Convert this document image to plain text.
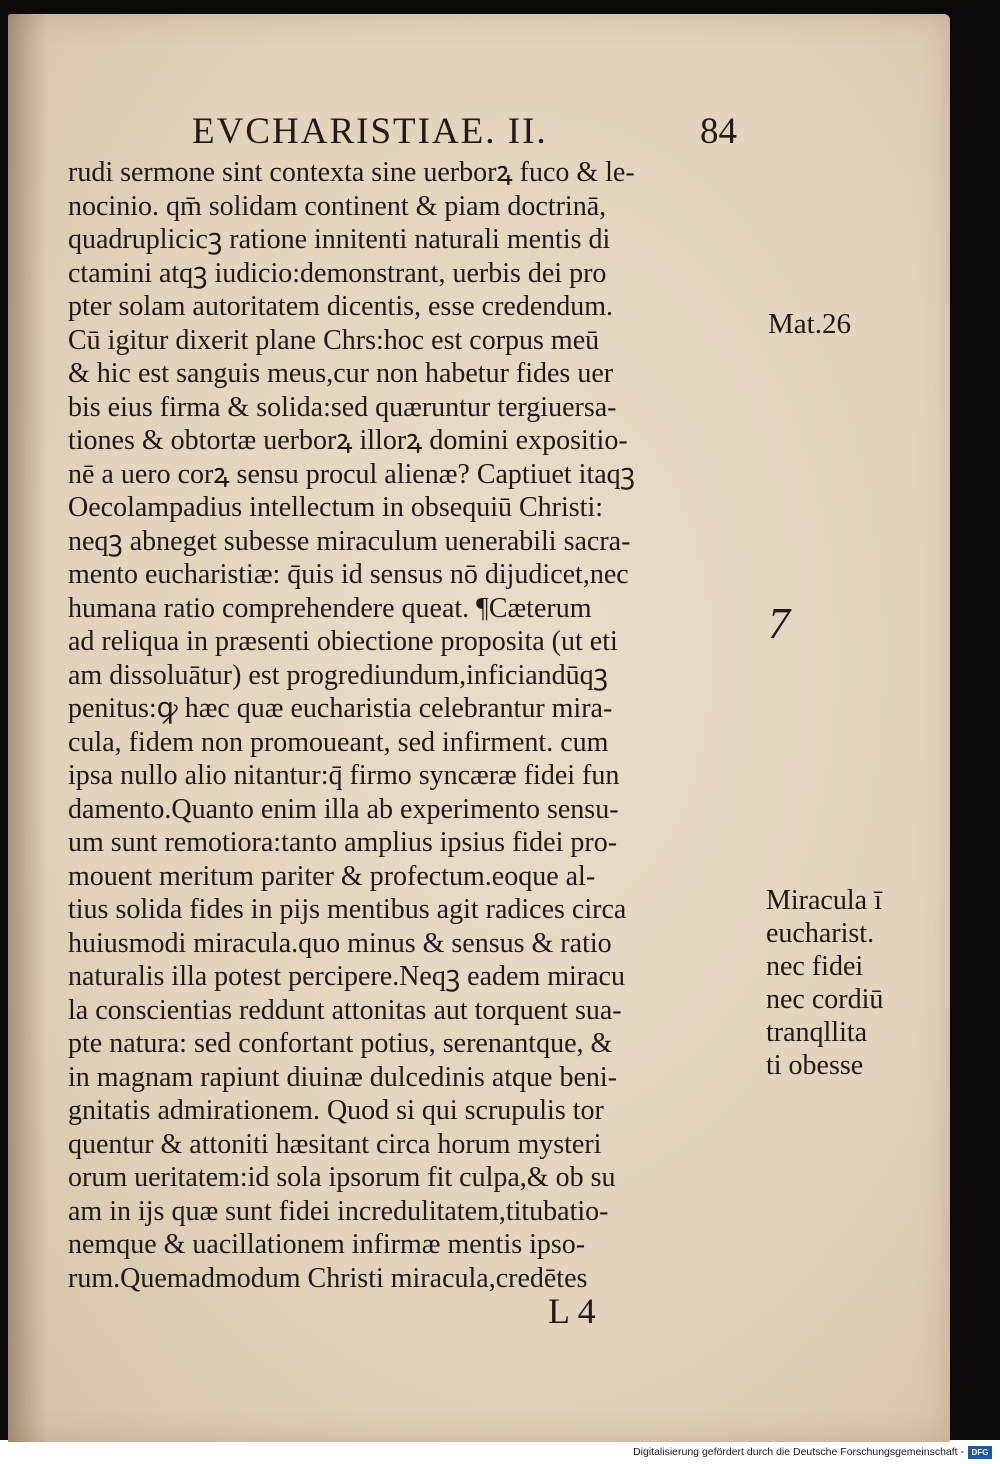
EVCHARISTIAE. II.	84
rudi sermone sint contexta sine uerborꝝ fuco & le-
nocinio. qm̄ solidam continent & piam doctrinā,
quadruplicicꝫ ratione innitenti naturali mentis di
ctamini atqꝫ iudicio:demonstrant, uerbis dei pro
pter solam autoritatem dicentis, esse credendum.
Cū igitur dixerit plane Chrs:hoc est corpus meū
& hic est sanguis meus,cur non habetur fides uer
bis eius firma & solida:sed quæruntur tergiuersa-
tiones & obtortæ uerborꝝ illorꝝ domini expositio-
nē a uero corꝝ sensu procul alienæ? Captiuet itaqꝫ
Oecolampadius intellectum in obsequiū Christi:
neqꝫ abneget subesse miraculum uenerabili sacra-
mento eucharistiæ: q̄uis id sensus nō dijudicet,nec
humana ratio comprehendere queat. ¶Cæterum
ad reliqua in præsenti obiectione proposita (ut eti
am dissoluātur) est progrediundum,inficiandūqꝫ
penitus:ꝙ hæc quæ eucharistia celebrantur mira-
cula, fidem non promoueant, sed infirment. cum
ipsa nullo alio nitantur:q̄ firmo syncæræ fidei fun
damento.Quanto enim illa ab experimento sensu-
um sunt remotiora:tanto amplius ipsius fidei pro-
mouent meritum pariter & profectum.eoque al-
tius solida fides in pijs mentibus agit radices circa
huiusmodi miracula.quo minus & sensus & ratio
naturalis illa potest percipere.Neqꝫ eadem miracu
la conscientias reddunt attonitas aut torquent sua-
pte natura: sed confortant potius, serenantque, &
in magnam rapiunt diuinæ dulcedinis atque beni-
gnitatis admirationem. Quod si qui scrupulis tor
quentur & attoniti hæsitant circa horum mysteri
orum ueritatem:id sola ipsorum fit culpa,& ob su
am in ijs quæ sunt fidei incredulitatem,titubatio-
nemque & uacillationem infirmæ mentis ipso-
rum.Quemadmodum Christi miracula,credētes
Mat.26
7
Miracula ī
eucharist.
nec fidei
nec cordiū
tranqllita
ti obesse
L 4
Digitalisierung gefördert durch die Deutsche Forschungsgemeinschaft - DFG
